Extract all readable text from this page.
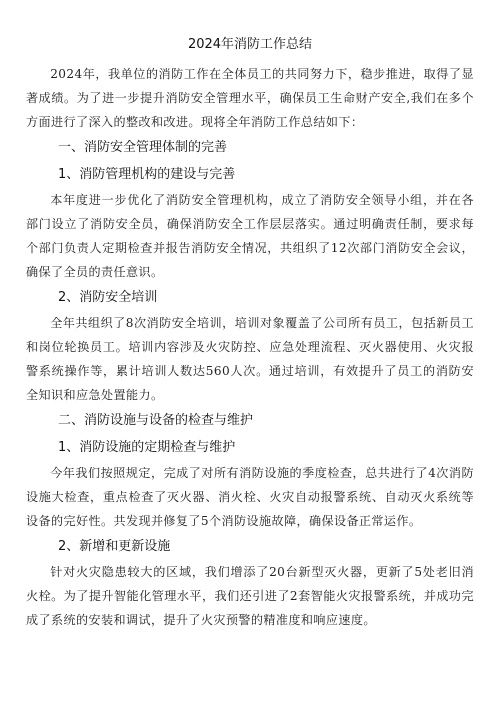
2024年消防工作总结

2024年，我单位的消防工作在全体员工的共同努力下，稳步推进，取得了显著成绩。为了进一步提升消防安全管理水平，确保员工生命财产安全,我们在多个方面进行了深入的整改和改进。现将全年消防工作总结如下：

一、消防安全管理体制的完善
1、消防管理机构的建设与完善

本年度进一步优化了消防安全管理机构，成立了消防安全领导小组，并在各部门设立了消防安全员，确保消防安全工作层层落实。通过明确责任制，要求每个部门负责人定期检查并报告消防安全情况，共组织了12次部门消防安全会议，确保了全员的责任意识。

2、消防安全培训

全年共组织了8次消防安全培训，培训对象覆盖了公司所有员工，包括新员工和岗位轮换员工。培训内容涉及火灾防控、应急处理流程、灭火器使用、火灾报警系统操作等，累计培训人数达560人次。通过培训，有效提升了员工的消防安全知识和应急处置能力。

二、消防设施与设备的检查与维护
1、消防设施的定期检查与维护

今年我们按照规定，完成了对所有消防设施的季度检查，总共进行了4次消防设施大检查，重点检查了灭火器、消火栓、火灾自动报警系统、自动灭火系统等设备的完好性。共发现并修复了5个消防设施故障，确保设备正常运作。

2、新增和更新设施

针对火灾隐患较大的区域，我们增添了20台新型灭火器，更新了5处老旧消火栓。为了提升智能化管理水平，我们还引进了2套智能火灾报警系统，并成功完成了系统的安装和调试，提升了火灾预警的精准度和响应速度。
